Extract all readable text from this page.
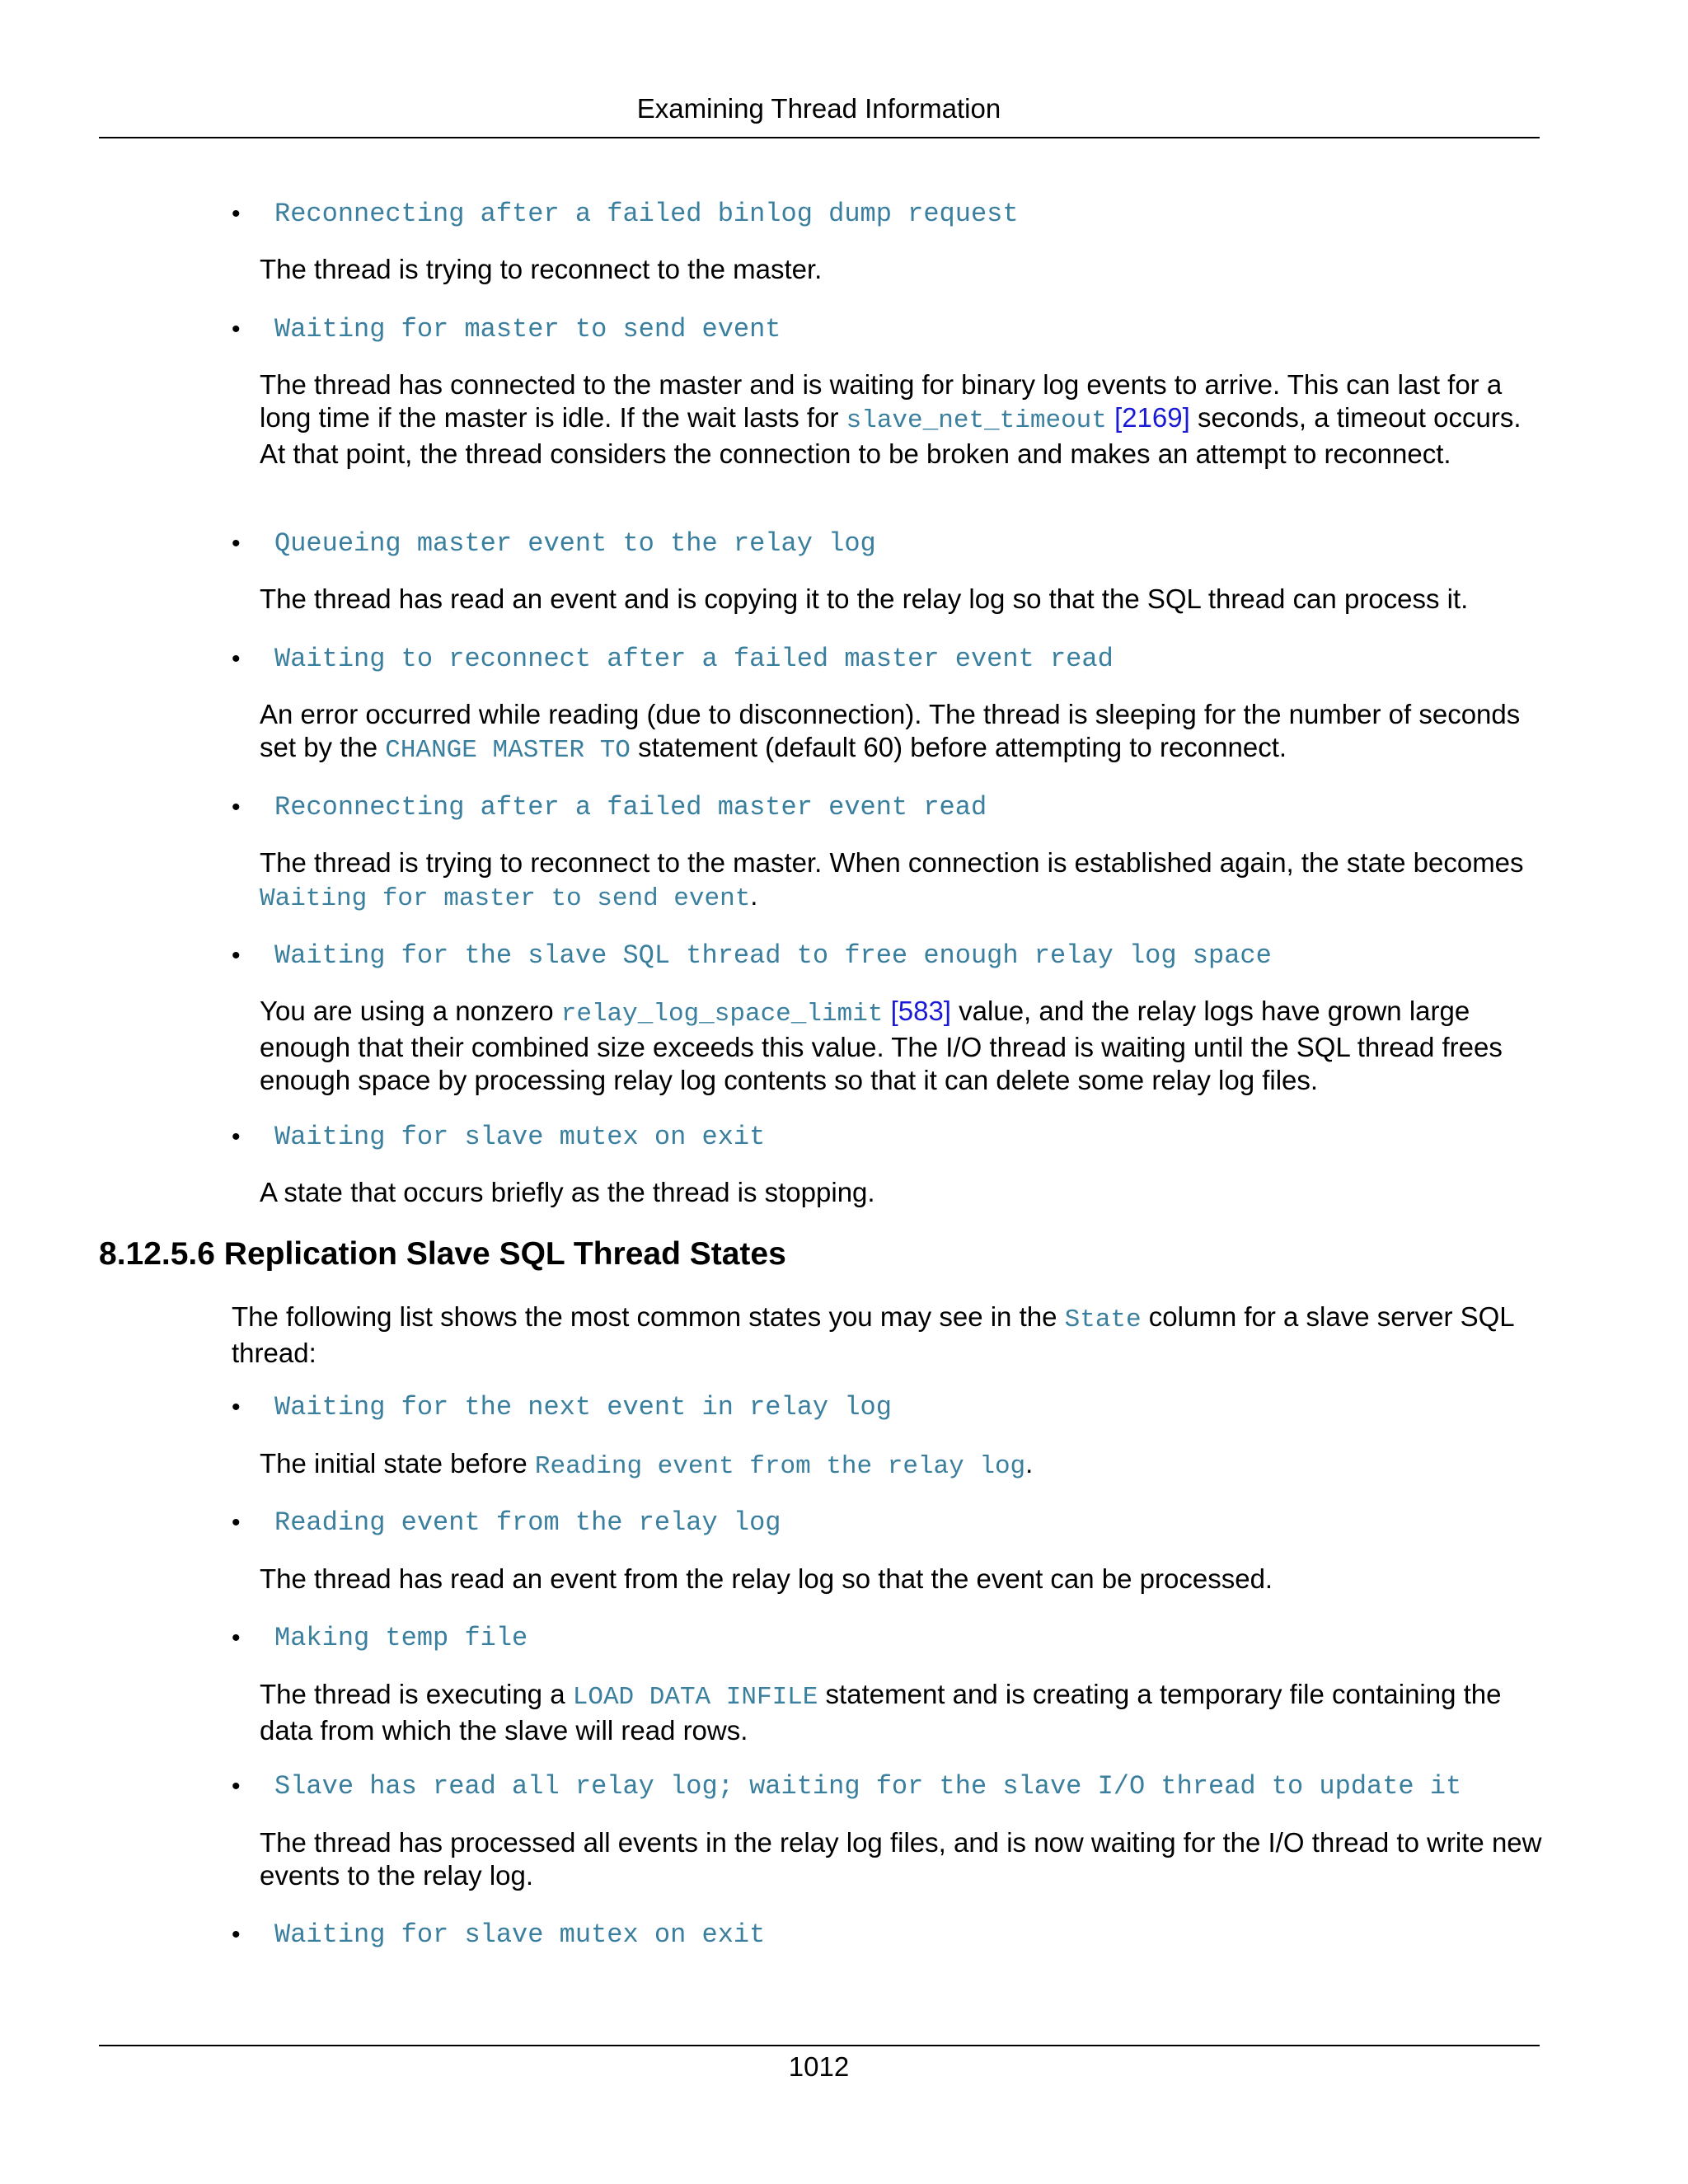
Examining Thread Information
• Reconnecting after a failed binlog dump request
The thread is trying to reconnect to the master.
• Waiting for master to send event
The thread has connected to the master and is waiting for binary log events to arrive. This can last for a long time if the master is idle. If the wait lasts for slave_net_timeout [2169] seconds, a timeout occurs. At that point, the thread considers the connection to be broken and makes an attempt to reconnect.
• Queueing master event to the relay log
The thread has read an event and is copying it to the relay log so that the SQL thread can process it.
• Waiting to reconnect after a failed master event read
An error occurred while reading (due to disconnection). The thread is sleeping for the number of seconds set by the CHANGE MASTER TO statement (default 60) before attempting to reconnect.
• Reconnecting after a failed master event read
The thread is trying to reconnect to the master. When connection is established again, the state becomes Waiting for master to send event.
• Waiting for the slave SQL thread to free enough relay log space
You are using a nonzero relay_log_space_limit [583] value, and the relay logs have grown large enough that their combined size exceeds this value. The I/O thread is waiting until the SQL thread frees enough space by processing relay log contents so that it can delete some relay log files.
• Waiting for slave mutex on exit
A state that occurs briefly as the thread is stopping.
8.12.5.6 Replication Slave SQL Thread States
The following list shows the most common states you may see in the State column for a slave server SQL thread:
• Waiting for the next event in relay log
The initial state before Reading event from the relay log.
• Reading event from the relay log
The thread has read an event from the relay log so that the event can be processed.
• Making temp file
The thread is executing a LOAD DATA INFILE statement and is creating a temporary file containing the data from which the slave will read rows.
• Slave has read all relay log; waiting for the slave I/O thread to update it
The thread has processed all events in the relay log files, and is now waiting for the I/O thread to write new events to the relay log.
• Waiting for slave mutex on exit
1012
